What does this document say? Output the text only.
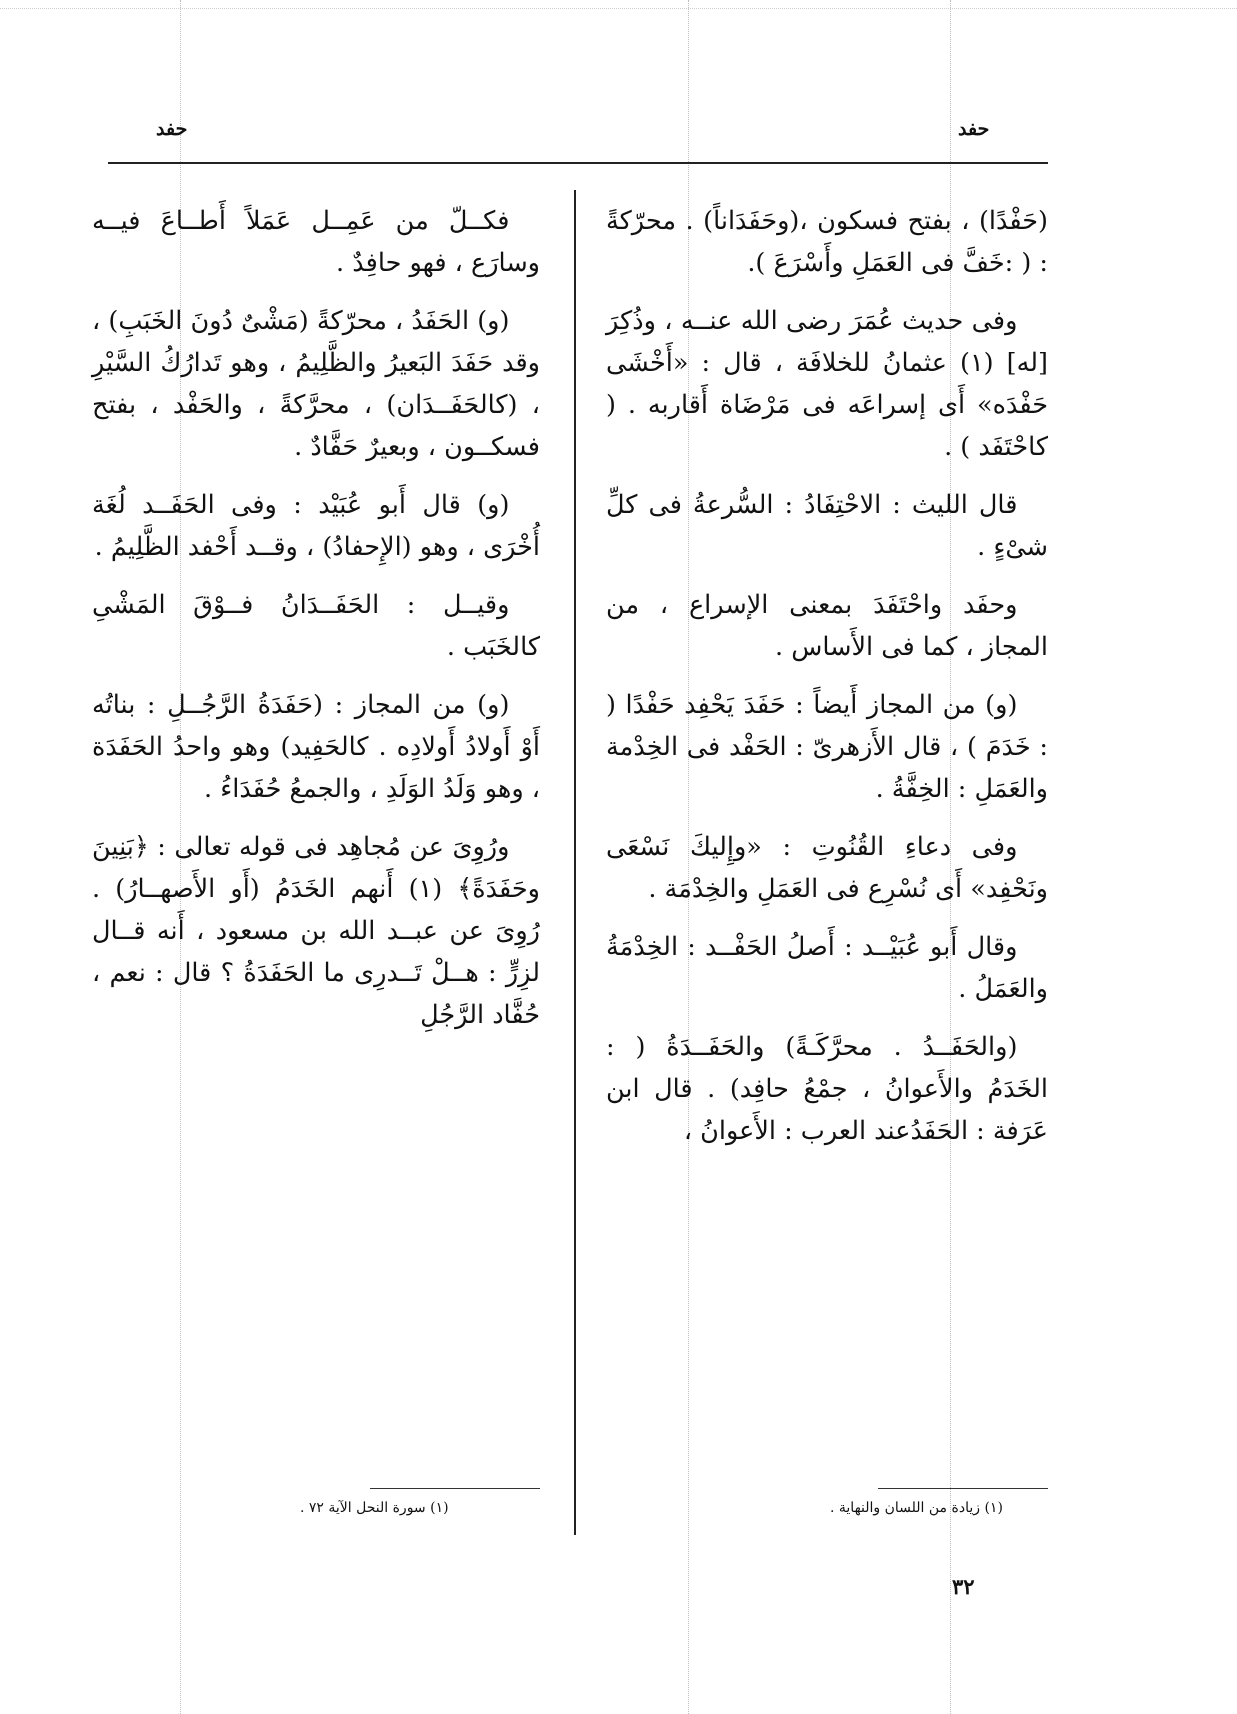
حفد
حفد

(حَفْدًا) ، بفتح فسكون ،(وحَفَدَاناً) . محرّكةً : ( :خَفَّ فى العَمَلِ وأَسْرَعَ ).

وفى حديث عُمَرَ رضى الله عنــه ، وذُكِرَ [له] (١) عثمانُ للخلافَة ، قال : «أَخْشَى حَفْدَه» أَى إسراعَه فى مَرْضَاة أَقاربه . ( كاحْتَفَد ) .

قال الليث : الاحْتِفَادُ : السُّرعةُ فى كلِّ شىْءٍ .

وحفَد واحْتَفَدَ بمعنى الإسراع ، من المجاز ، كما فى الأَساس .

(و) من المجاز أَيضاً : حَفَدَ يَحْفِد حَفْدًا ( : خَدَمَ ) ، قال الأَزهرىّ : الحَفْد فى الخِدْمة والعَمَلِ : الخِفَّةُ .

وفى دعاءِ القُنُوتِ : «وإِليكَ نَسْعَى ونَحْفِد» أَى نُسْرِع فى العَمَلِ والخِدْمَة .

وقال أَبو عُبَيْــد : أَصلُ الحَفْــد : الخِدْمَةُ والعَمَلُ .

(والحَفَــدُ . محرَّكَـةً) والحَفَــدَةُ ( : الخَدَمُ والأَعوانُ ، جمْعُ حافِد) . قال ابن عَرَفة : الحَفَدُعند العرب : الأَعوانُ ،

فكــلّ من عَمِــل عَمَلاً أَطــاعَ فيــه وسارَع ، فهو حافِدٌ .

(و) الحَفَدُ ، محرّكةً (مَشْىٌ دُونَ الخَبَبِ) ، وقد حَفَدَ البَعيرُ والظَّلِيمُ ، وهو تَدارُكُ السَّيْرِ ، (كالحَفَــدَان) ، محرَّكةً ، والحَفْد ، بفتح فسكــون ، وبعيرٌ حَفَّادٌ .

(و) قال أَبو عُبَيْد : وفى الحَفَــد لُغَة أُخْرَى ، وهو (الإِحفادُ) ، وقــد أَحْفد الظَّلِيمُ .

وقيــل : الحَفَــدَانُ فــوْقَ المَشْىِ كالخَبَب .

(و) من المجاز : (حَفَدَةُ الرَّجُــلِ : بناتُه أَوْ أَولادُ أَولادِه . كالحَفِيد) وهو واحدُ الحَفَدَة ، وهو وَلَدُ الوَلَدِ ، والجمعُ حُفَدَاءُ .

ورُوِىَ عن مُجاهِد فى قوله تعالى : ﴿بَنِينَ وحَفَدَةً﴾ (١) أَنهم الخَدَمُ (أَو الأَصهــارُ) . رُوِىَ عن عبــد الله بن مسعود ، أَنه قــال لزِرٍّ : هــلْ تَــدرِى ما الحَفَدَةُ ؟ قال : نعم ، حُفَّاد الرَّجُلِ

(١) زيادة من اللسان والنهاية .
(١) سورة النحل الآية ٧٢ .
٣٢
